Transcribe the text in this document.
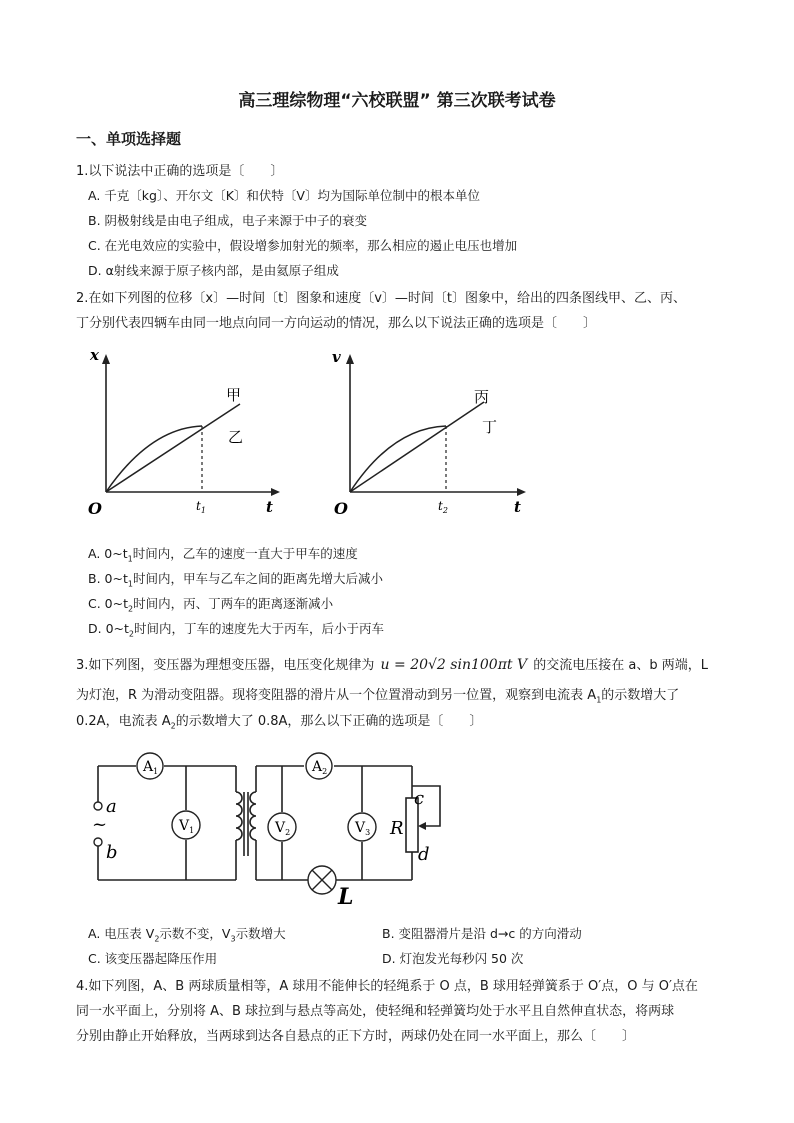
高三理综物理“六校联盟” 第三次联考试卷
一、单项选择题
1.以下说法中正确的选项是〔　　〕
A. 千克〔kg〕、开尔文〔K〕和伏特〔V〕均为国际单位制中的根本单位
B. 阴极射线是由电子组成，电子来源于中子的衰变
C. 在光电效应的实验中，假设增参加射光的频率，那么相应的遏止电压也增加
D. α射线来源于原子核内部，是由氦原子组成
2.在如下列图的位移〔x〕—时间〔t〕图象和速度〔v〕—时间〔t〕图象中，给出的四条图线甲、乙、丙、
丁分别代表四辆车由同一地点向同一方向运动的情况，那么以下说法正确的选项是〔　　〕
x
t
O	$t_1$
甲
乙
v
t
O	$t_2$
丙
丁
A. $0\sim t_1$时间内，乙车的速度一直大于甲车的速度
B. $0\sim t_1$时间内，甲车与乙车之间的距离先增大后减小
C. $0\sim t_2$时间内，丙、丁两车的距离逐渐减小
D. $0\sim t_2$时间内，丁车的速度先大于丙车，后小于丙车
3.如下列图，变压器为理想变压器，电压变化规律为 u = 20√2 sin100πt V 的交流电压接在 a、b 两端，L
为灯泡，R 为滑动变阻器。现将变阻器的滑片从一个位置滑动到另一位置，观察到电流表 $A_1$的示数增大了
0.2A，电流表 $A_2$的示数增大了 0.8A，那么以下正确的选项是〔　　〕
$A_1$	$A_2$
$V_1$	$V_2$	$V_3$
a
~
b
c
d
R
L
A. 电压表 $V_2$示数不变，$V_3$示数增大	B. 变阻器滑片是沿 d→c 的方向滑动
C. 该变压器起降压作用	D. 灯泡发光每秒闪 50 次
4.如下列图，A、B 两球质量相等，A 球用不能伸长的轻绳系于 O 点，B 球用轻弹簧系于 O′点，O 与 O′点在
同一水平面上，分别将 A、B 球拉到与悬点等高处，使轻绳和轻弹簧均处于水平且自然伸直状态，将两球
分别由静止开始释放，当两球到达各自悬点的正下方时，两球仍处在同一水平面上，那么〔　　〕
